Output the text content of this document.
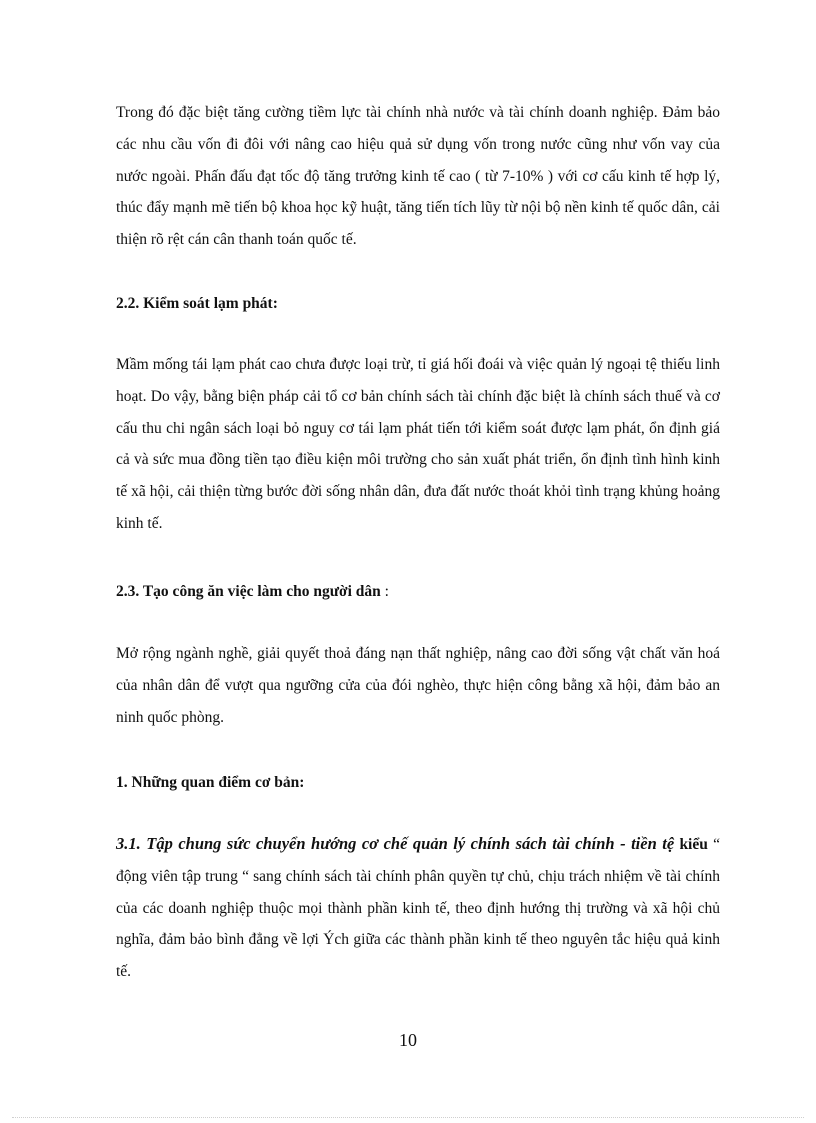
Trong đó đặc biệt tăng cường tiềm lực tài chính nhà nước và tài chính doanh nghiệp. Đảm bảo các nhu cầu vốn đi đôi với nâng cao hiệu quả sử dụng vốn trong nước cũng như vốn vay của nước ngoài. Phấn đấu đạt tốc độ tăng trưởng kinh tế cao ( từ 7-10% ) với cơ cấu kinh tế hợp lý, thúc đẩy mạnh mẽ tiến bộ khoa học kỹ huật, tăng tiến tích lũy từ nội bộ nền kinh tế quốc dân, cải thiện rõ rệt cán cân thanh toán quốc tế.

2.2. Kiểm soát lạm phát:

Mầm mống tái lạm phát cao chưa được loại trừ, tỉ giá hối đoái và việc quản lý ngoại tệ thiếu linh hoạt. Do vậy, bằng biện pháp cải tổ cơ bản chính sách tài chính đặc biệt là chính sách thuế và cơ cấu thu chi ngân sách loại bỏ nguy cơ tái lạm phát tiến tới kiểm soát được lạm phát, ổn định giá cả và sức mua đồng tiền tạo điều kiện môi trường cho sản xuất phát triển, ổn định tình hình kinh tế xã hội, cải thiện từng bước đời sống nhân dân, đưa đất nước thoát khỏi tình trạng khủng hoảng kinh tế.

2.3. Tạo công ăn việc làm cho người dân :

Mở rộng ngành nghề, giải quyết thoả đáng nạn thất nghiệp, nâng cao đời sống vật chất văn hoá của nhân dân để vượt qua ngưỡng cửa của đói nghèo, thực hiện công bằng xã hội, đảm bảo an ninh quốc phòng.

1. Những quan điểm cơ bản:

3.1. Tập chung sức chuyển hướng cơ chế quản lý chính sách tài chính - tiền tệ kiểu “ động viên tập trung “ sang chính sách tài chính phân quyền tự chủ, chịu trách nhiệm về tài chính của các doanh nghiệp thuộc mọi thành phần kinh tế, theo định hướng thị trường và xã hội chủ nghĩa, đảm bảo bình đẳng về lợi Ých giữa các thành phần kinh tế theo nguyên tắc hiệu quả kinh tế.

10
